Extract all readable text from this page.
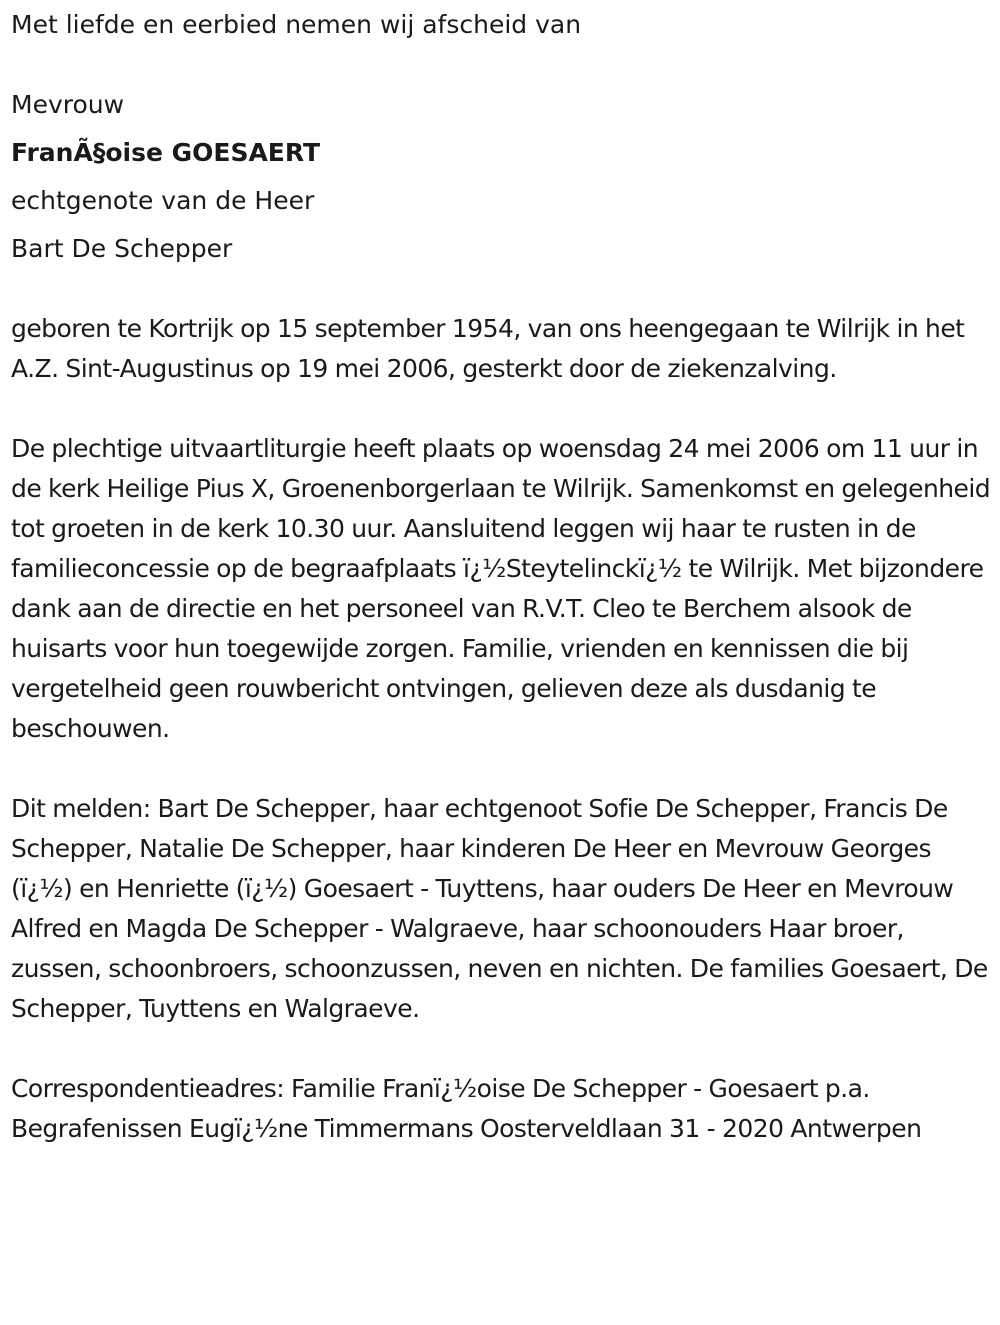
Met liefde en eerbied nemen wij afscheid van

Mevrouw

FranÃ§oise GOESAERT

echtgenote van de Heer

Bart De Schepper

geboren te Kortrijk op 15 september 1954, van ons heengegaan te Wilrijk in het A.Z. Sint-Augustinus op 19 mei 2006, gesterkt door de ziekenzalving.

De plechtige uitvaartliturgie heeft plaats op woensdag 24 mei 2006 om 11 uur in de kerk Heilige Pius X, Groenenborgerlaan te Wilrijk. Samenkomst en gelegenheid tot groeten in de kerk 10.30 uur. Aansluitend leggen wij haar te rusten in de familieconcessie op de begraafplaats ï¿½Steytelinckï¿½ te Wilrijk. Met bijzondere dank aan de directie en het personeel van R.V.T. Cleo te Berchem alsook de huisarts voor hun toegewijde zorgen. Familie, vrienden en kennissen die bij vergetelheid geen rouwbericht ontvingen, gelieven deze als dusdanig te beschouwen.

Dit melden: Bart De Schepper, haar echtgenoot Sofie De Schepper, Francis De Schepper, Natalie De Schepper, haar kinderen De Heer en Mevrouw Georges (ï¿½) en Henriette (ï¿½) Goesaert - Tuyttens, haar ouders De Heer en Mevrouw Alfred en Magda De Schepper - Walgraeve, haar schoonouders Haar broer, zussen, schoonbroers, schoonzussen, neven en nichten. De families Goesaert, De Schepper, Tuyttens en Walgraeve.

Correspondentieadres: Familie Franï¿½oise De Schepper - Goesaert p.a. Begrafenissen Eugï¿½ne Timmermans Oosterveldlaan 31 - 2020 Antwerpen
